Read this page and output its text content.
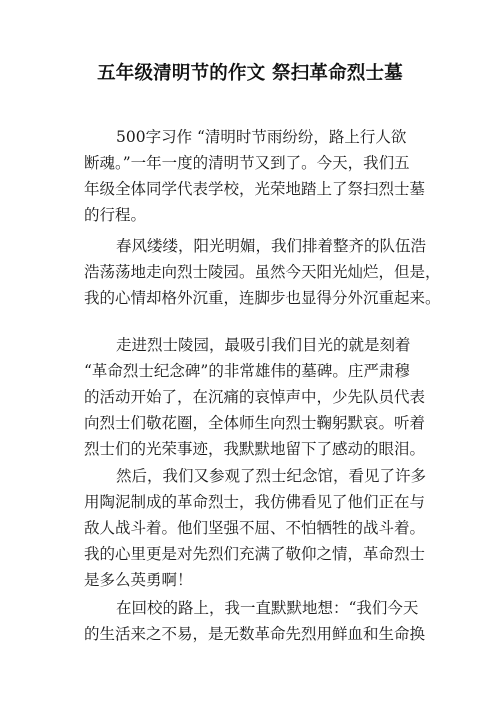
五年级清明节的作文 祭扫革命烈士墓
500字习作 “清明时节雨纷纷，路上行人欲
断魂。”一年一度的清明节又到了。今天，我们五
年级全体同学代表学校，光荣地踏上了祭扫烈士墓
的行程。
春风缕缕，阳光明媚，我们排着整齐的队伍浩
浩荡荡地走向烈士陵园。虽然今天阳光灿烂，但是，
我的心情却格外沉重，连脚步也显得分外沉重起来。
走进烈士陵园，最吸引我们目光的就是刻着
“革命烈士纪念碑”的非常雄伟的墓碑。庄严肃穆
的活动开始了，在沉痛的哀悼声中，少先队员代表
向烈士们敬花圈，全体师生向烈士鞠躬默哀。听着
烈士们的光荣事迹，我默默地留下了感动的眼泪。
然后，我们又参观了烈士纪念馆，看见了许多
用陶泥制成的革命烈士，我仿佛看见了他们正在与
敌人战斗着。他们坚强不屈、不怕牺牲的战斗着。
我的心里更是对先烈们充满了敬仰之情，革命烈士
是多么英勇啊！
在回校的路上，我一直默默地想：“我们今天
的生活来之不易，是无数革命先烈用鲜血和生命换
